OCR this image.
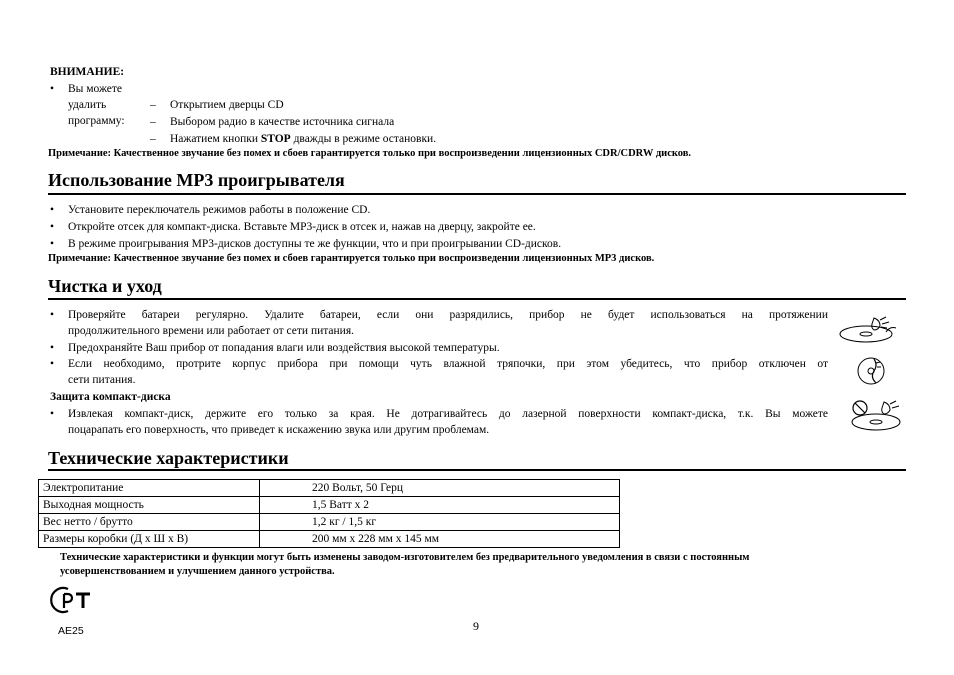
ВНИМАНИЕ:
• Вы можете удалить программу:
– Открытием дверцы CD
– Выбором радио в качестве источника сигнала
– Нажатием кнопки STOP дважды в режиме остановки.
Примечание: Качественное звучание без помех и сбоев гарантируется только при воспроизведении лицензионных CDR/CDRW дисков.
Использование MP3 проигрывателя
• Установите переключатель режимов работы в положение CD.
• Откройте отсек для компакт-диска. Вставьте MP3-диск в отсек и, нажав на дверцу, закройте ее.
• В режиме проигрывания MP3-дисков доступны те же функции, что и при проигрывании CD-дисков.
Примечание: Качественное звучание без помех и сбоев гарантируется только при воспроизведении лицензионных MP3 дисков.
Чистка и уход
• Проверяйте батареи регулярно. Удалите батареи, если они разрядились, прибор не будет использоваться на протяжении
продолжительного времени или работает от сети питания.
• Предохраняйте Ваш прибор от попадания влаги или воздействия высокой температуры.
• Если необходимо, протрите корпус прибора при помощи чуть влажной тряпочки, при этом убедитесь, что прибор отключен от
сети питания.
Защита компакт-диска
• Извлекая компакт-диск, держите его только за края. Не дотрагивайтесь до лазерной поверхности компакт-диска, т.к. Вы можете
поцарапать его поверхность, что приведет к искажению звука или другим проблемам.
Технические характеристики
Электропитание	220 Вольт, 50 Герц
Выходная мощность	1,5 Ватт x 2
Вес нетто / брутто	1,2 кг / 1,5 кг
Размеры коробки (Д x Ш x В)	200 мм x 228 мм x 145 мм
Технические характеристики и функции могут быть изменены заводом-изготовителем без предварительного уведомления в связи с постоянным
усовершенствованием и улучшением данного устройства.
AE25	9
